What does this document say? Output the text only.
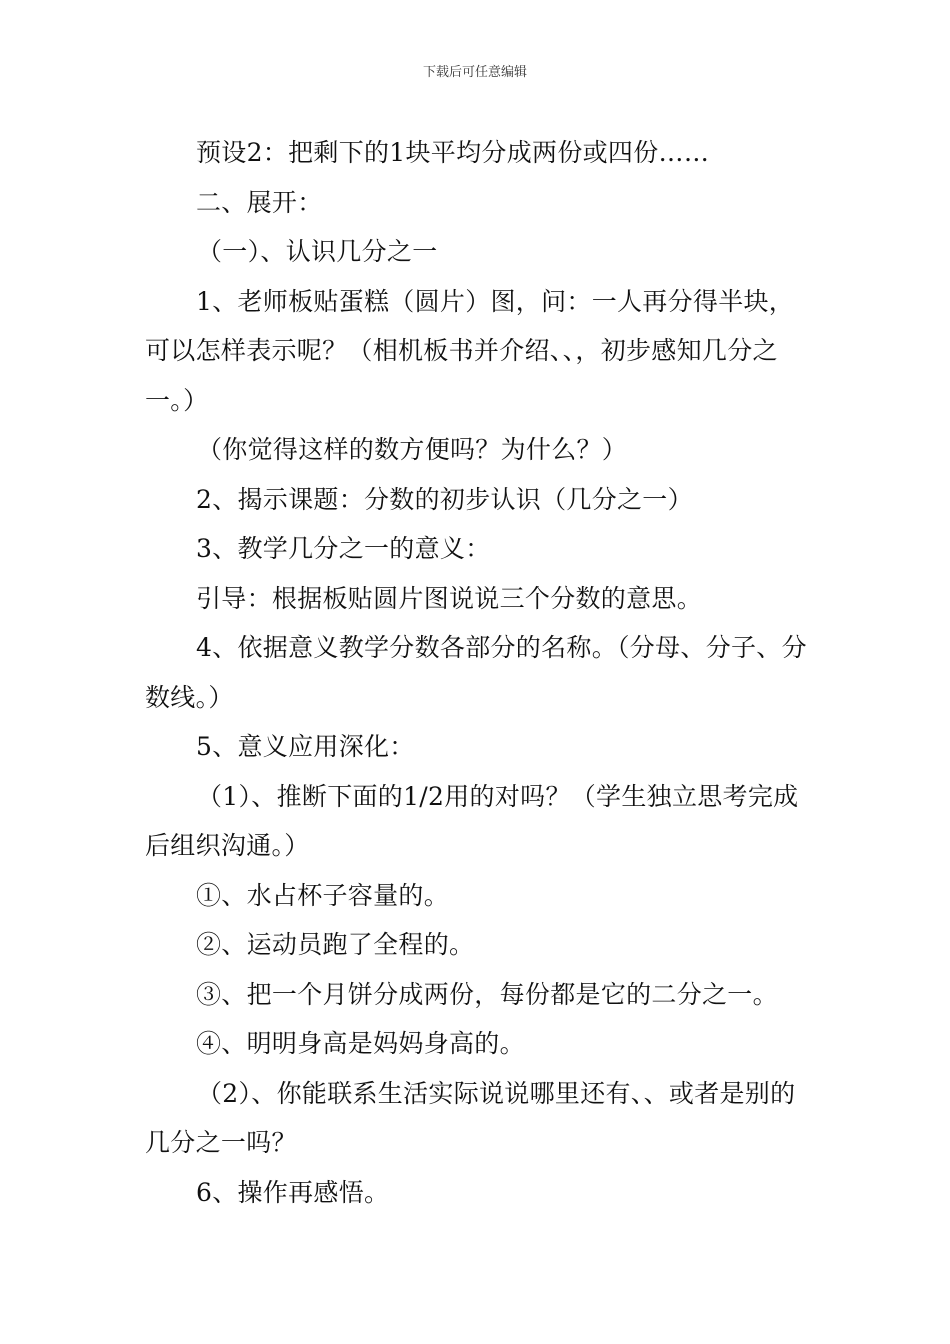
下载后可任意编辑

预设2：把剩下的1块平均分成两份或四份……

二、展开：

（一）、认识几分之一

1、老师板贴蛋糕（圆片）图，问：一人再分得半块，可以怎样表示呢？（相机板书并介绍、、，初步感知几分之一。）

（你觉得这样的数方便吗？为什么？）

2、揭示课题：分数的初步认识（几分之一）

3、教学几分之一的意义：

引导：根据板贴圆片图说说三个分数的意思。

4、依据意义教学分数各部分的名称。（分母、分子、分数线。）

5、意义应用深化：

（1）、推断下面的1/2用的对吗？（学生独立思考完成后组织沟通。）

①、水占杯子容量的。

②、运动员跑了全程的。

③、把一个月饼分成两份，每份都是它的二分之一。

④、明明身高是妈妈身高的。

（2）、你能联系生活实际说说哪里还有、、或者是别的几分之一吗？

6、操作再感悟。
